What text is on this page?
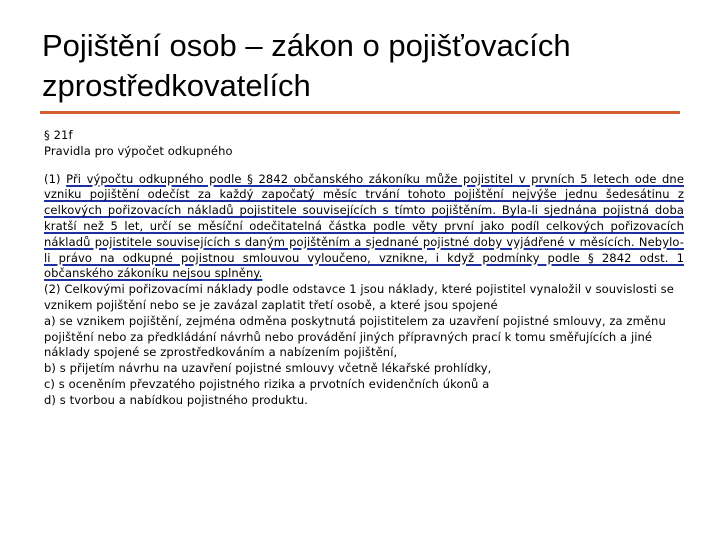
Pojištění osob – zákon o pojišťovacích zprostředkovatelích

§ 21f

Pravidla pro výpočet odkupného

(1) Při výpočtu odkupného podle § 2842 občanského zákoníku může pojistitel v prvních 5 letech ode dne vzniku pojištění odečíst za každý započatý měsíc trvání tohoto pojištění nejvýše jednu šedesátinu z celkových pořizovacích nákladů pojistitele souvisejících s tímto pojištěním. Byla-li sjednána pojistná doba kratší než 5 let, určí se měsíční odečitatelná částka podle věty první jako podíl celkových pořizovacích nákladů pojistitele souvisejících s daným pojištěním a sjednané pojistné doby vyjádřené v měsících. Nebylo-li právo na odkupné pojistnou smlouvou vyloučeno, vznikne, i když podmínky podle § 2842 odst. 1 občanského zákoníku nejsou splněny.

(2) Celkovými pořizovacími náklady podle odstavce 1 jsou náklady, které pojistitel vynaložil v souvislosti se vznikem pojištění nebo se je zavázal zaplatit třetí osobě, a které jsou spojené

a) se vznikem pojištění, zejména odměna poskytnutá pojistitelem za uzavření pojistné smlouvy, za změnu pojištění nebo za předkládání návrhů nebo provádění jiných přípravných prací k tomu směřujících a jiné náklady spojené se zprostředkováním a nabízením pojištění,

b) s přijetím návrhu na uzavření pojistné smlouvy včetně lékařské prohlídky,

c) s oceněním převzatého pojistného rizika a prvotních evidenčních úkonů a

d) s tvorbou a nabídkou pojistného produktu.
